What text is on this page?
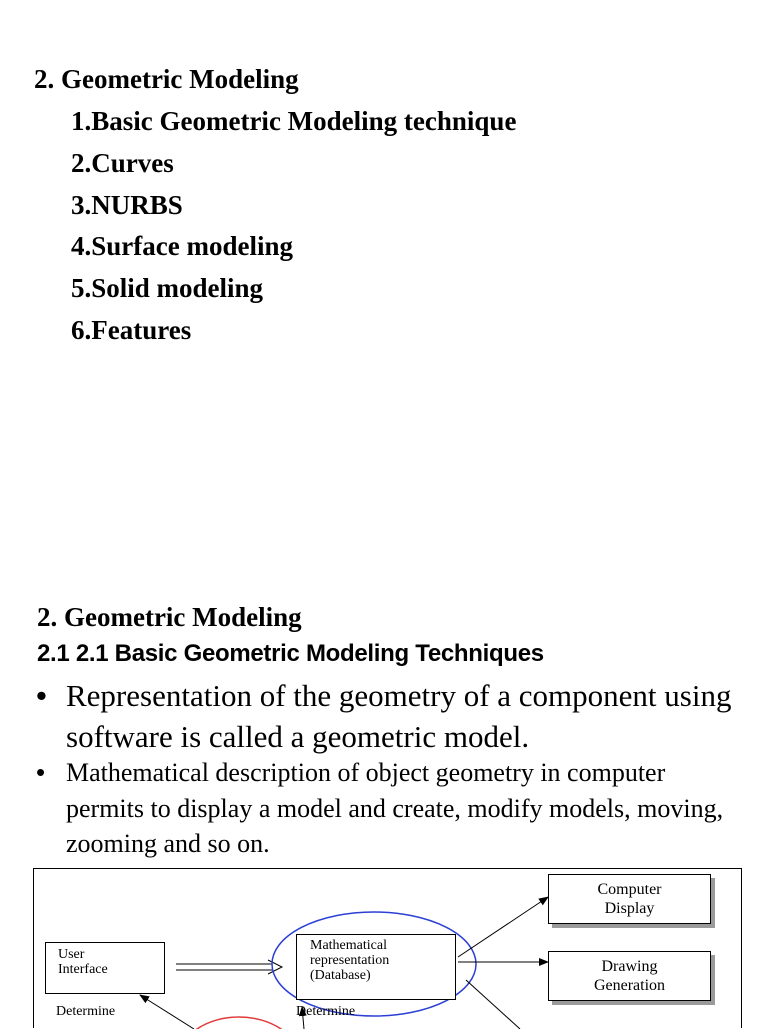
2. Geometric Modeling
1.Basic Geometric Modeling technique
2.Curves
3.NURBS
4.Surface modeling
5.Solid modeling
6.Features
2. Geometric Modeling
2.1 2.1 Basic Geometric Modeling Techniques
• Representation of the geometry of a component using software is called a geometric model.
• Mathematical description of object geometry in computer permits to display a model and create, modify models, moving, zooming and so on.
User
Interface
Mathematical
representation
(Database)
Computer
Display
Drawing
Generation
Determine	Determine
